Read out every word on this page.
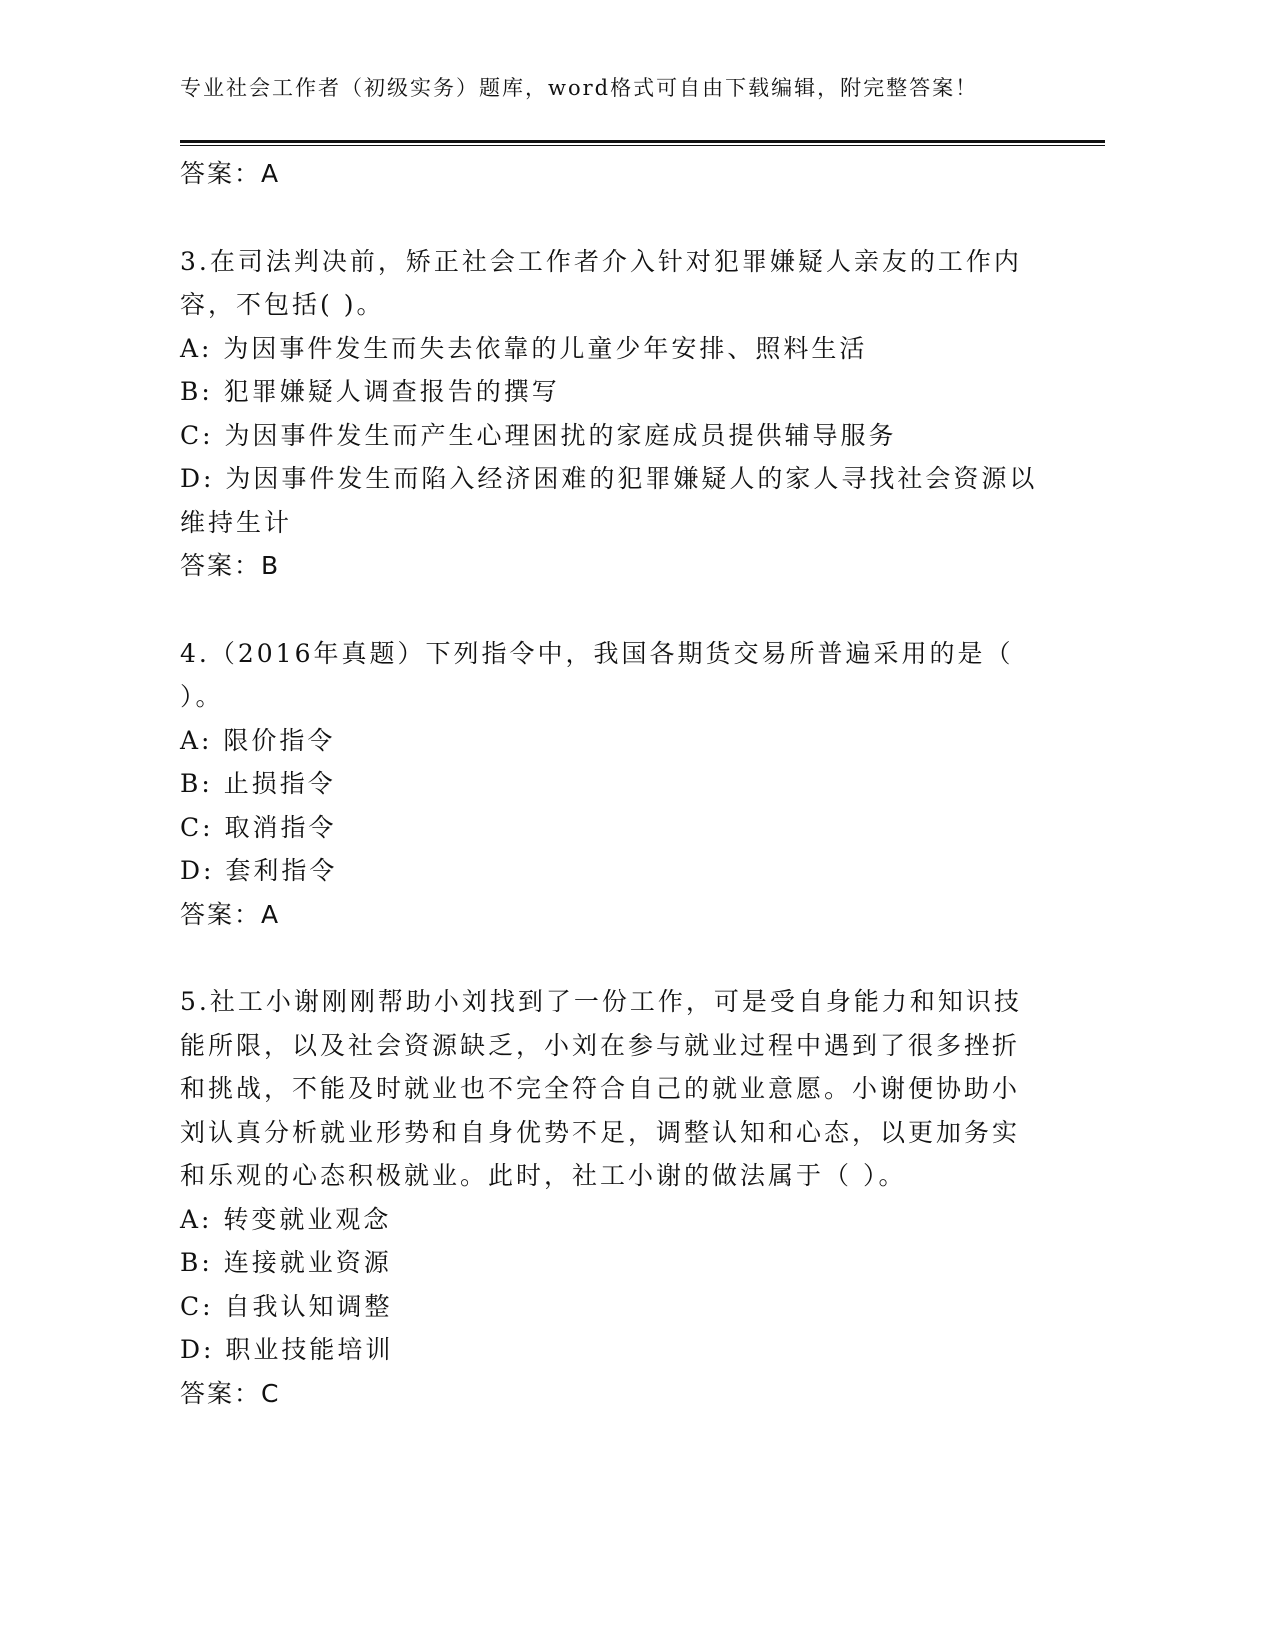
专业社会工作者（初级实务）题库，word格式可自由下载编辑，附完整答案！
答案：A
3.在司法判决前，矫正社会工作者介入针对犯罪嫌疑人亲友的工作内
容，不包括( )。
A: 为因事件发生而失去依靠的儿童少年安排、照料生活
B: 犯罪嫌疑人调查报告的撰写
C: 为因事件发生而产生心理困扰的家庭成员提供辅导服务
D: 为因事件发生而陷入经济困难的犯罪嫌疑人的家人寻找社会资源以
维持生计
答案：B
4.（2016年真题）下列指令中，我国各期货交易所普遍采用的是（
）。
A: 限价指令
B: 止损指令
C: 取消指令
D: 套利指令
答案：A
5.社工小谢刚刚帮助小刘找到了一份工作，可是受自身能力和知识技
能所限，以及社会资源缺乏，小刘在参与就业过程中遇到了很多挫折
和挑战，不能及时就业也不完全符合自己的就业意愿。小谢便协助小
刘认真分析就业形势和自身优势不足，调整认知和心态，以更加务实
和乐观的心态积极就业。此时，社工小谢的做法属于（ ）。
A: 转变就业观念
B: 连接就业资源
C: 自我认知调整
D: 职业技能培训
答案：C
